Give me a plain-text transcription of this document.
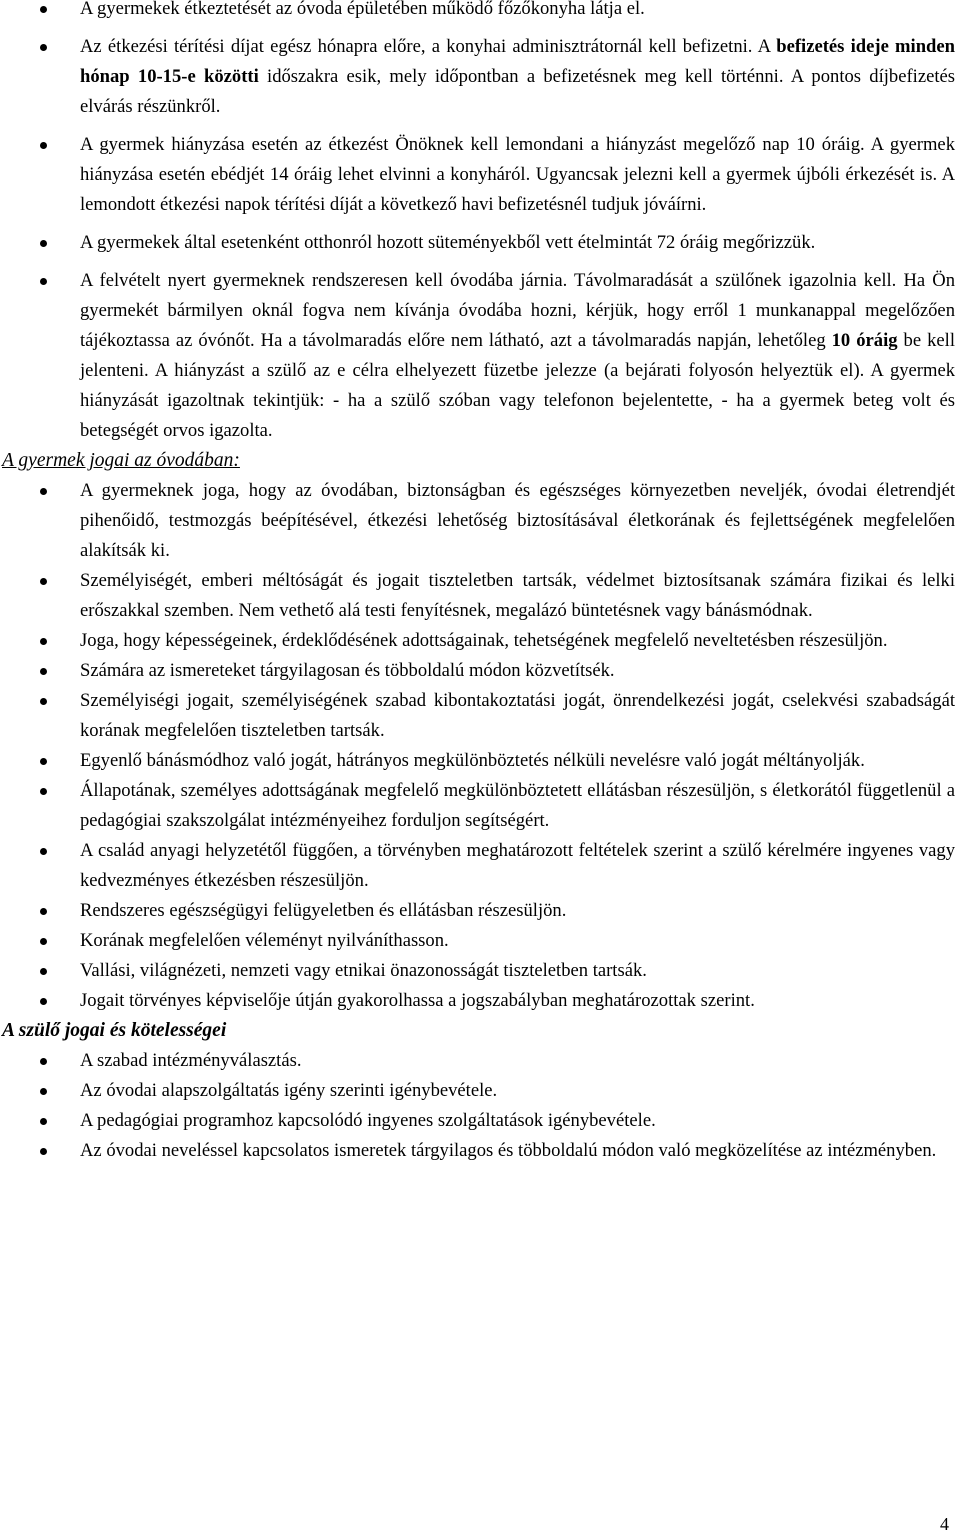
A gyermekek étkeztetését az óvoda épületében működő főzőkonyha látja el.
Az étkezési térítési díjat egész hónapra előre, a konyhai adminisztrátornál kell befizetni. A befizetés ideje minden hónap 10-15-e közötti időszakra esik, mely időpontban a befizetésnek meg kell történni. A pontos díjbefizetés elvárás részünkről.
A gyermek hiányzása esetén az étkezést Önöknek kell lemondani a hiányzást megelőző nap 10 óráig. A gyermek hiányzása esetén ebédjét 14 óráig lehet elvinni a konyháról. Ugyancsak jelezni kell a gyermek újbóli érkezését is. A lemondott étkezési napok térítési díját a következő havi befizetésnél tudjuk jóváírni.
A gyermekek által esetenként otthonról hozott süteményekből vett ételmintát 72 óráig megőrizzük.
A felvételt nyert gyermeknek rendszeresen kell óvodába járnia. Távolmaradását a szülőnek igazolnia kell. Ha Ön gyermekét bármilyen oknál fogva nem kívánja óvodába hozni, kérjük, hogy erről 1 munkanappal megelőzően tájékoztassa az óvónőt. Ha a távolmaradás előre nem látható, azt a távolmaradás napján, lehetőleg 10 óráig be kell jelenteni. A hiányzást a szülő az e célra elhelyezett füzetbe jelezze (a bejárati folyosón helyeztük el). A gyermek hiányzását igazoltnak tekintjük: - ha a szülő szóban vagy telefonon bejelentette, - ha a gyermek beteg volt és betegségét orvos igazolta.
A gyermek jogai az óvodában:
A gyermeknek joga, hogy az óvodában, biztonságban és egészséges környezetben neveljék, óvodai életrendjét pihenőidő, testmozgás beépítésével, étkezési lehetőség biztosításával életkorának és fejlettségének megfelelően alakítsák ki.
Személyiségét, emberi méltóságát és jogait tiszteletben tartsák, védelmet biztosítsanak számára fizikai és lelki erőszakkal szemben. Nem vethető alá testi fenyítésnek, megalázó büntetésnek vagy bánásmódnak.
Joga, hogy képességeinek, érdeklődésének adottságainak, tehetségének megfelelő neveltetésben részesüljön.
Számára az ismereteket tárgyilagosan és többoldalú módon közvetítsék.
Személyiségi jogait, személyiségének szabad kibontakoztatási jogát, önrendelkezési jogát, cselekvési szabadságát korának megfelelően tiszteletben tartsák.
Egyenlő bánásmódhoz való jogát, hátrányos megkülönböztetés nélküli nevelésre való jogát méltányolják.
Állapotának, személyes adottságának megfelelő megkülönböztetett ellátásban részesüljön, s életkorától függetlenül a pedagógiai szakszolgálat intézményeihez forduljon segítségért.
A család anyagi helyzetétől függően, a törvényben meghatározott feltételek szerint a szülő kérelmére ingyenes vagy kedvezményes étkezésben részesüljön.
Rendszeres egészségügyi felügyeletben és ellátásban részesüljön.
Korának megfelelően véleményt nyilváníthasson.
Vallási, világnézeti, nemzeti vagy etnikai önazonosságát tiszteletben tartsák.
Jogait törvényes képviselője útján gyakorolhassa a jogszabályban meghatározottak szerint.
A szülő jogai és kötelességei
A szabad intézményválasztás.
Az óvodai alapszolgáltatás igény szerinti igénybevétele.
A pedagógiai programhoz kapcsolódó ingyenes szolgáltatások igénybevétele.
Az óvodai neveléssel kapcsolatos ismeretek tárgyilagos és többoldalú módon való megközelítése az intézményben.
4
